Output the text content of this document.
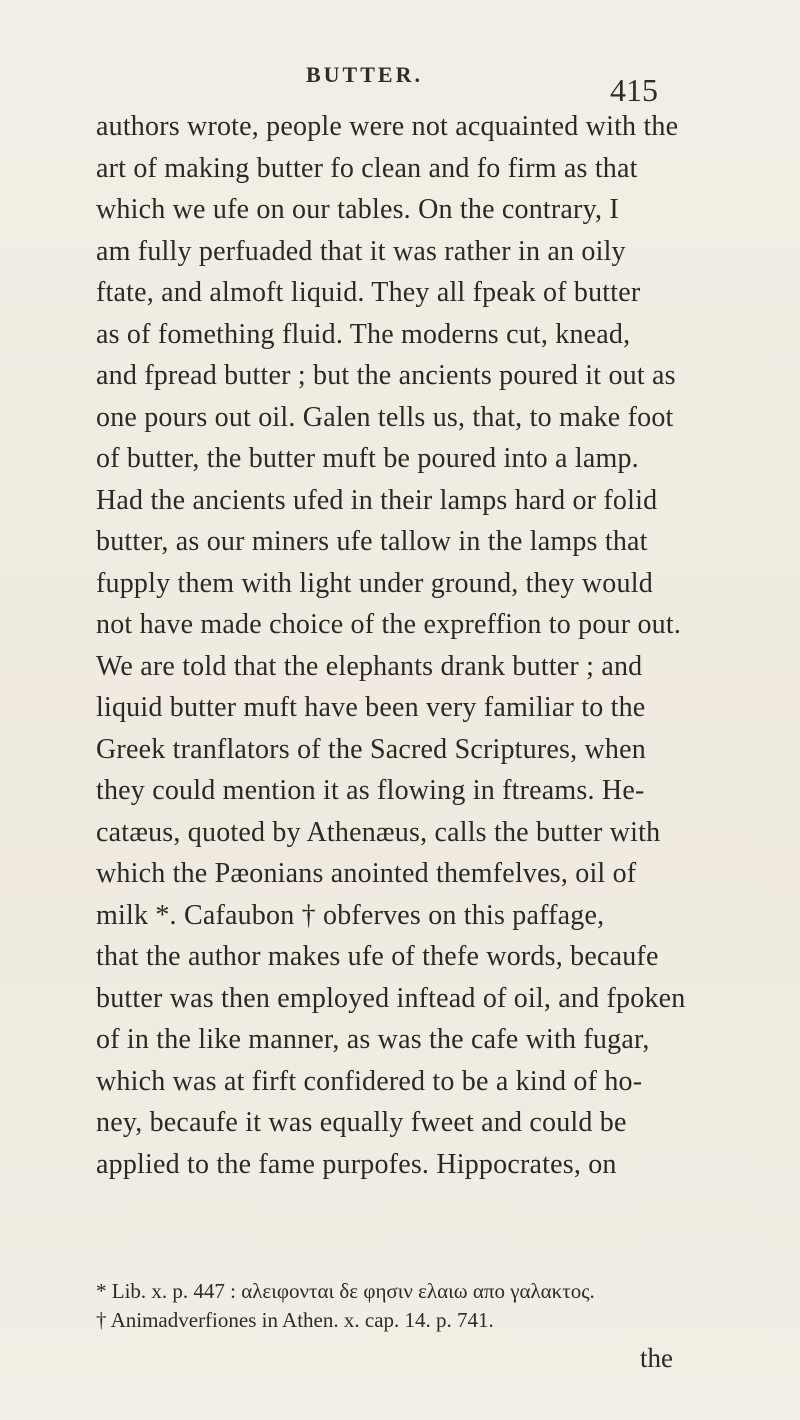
BUTTER.	415
authors wrote, people were not acquainted with the
art of making butter fo clean and fo firm as that
which we ufe on our tables. On the contrary, I
am fully perfuaded that it was rather in an oily
ftate, and almoft liquid. They all fpeak of butter
as of fomething fluid. The moderns cut, knead,
and fpread butter ; but the ancients poured it out as
one pours out oil. Galen tells us, that, to make foot
of butter, the butter muft be poured into a lamp.
Had the ancients ufed in their lamps hard or folid
butter, as our miners ufe tallow in the lamps that
fupply them with light under ground, they would
not have made choice of the expreffion to pour out.
We are told that the elephants drank butter ; and
liquid butter muft have been very familiar to the
Greek tranflators of the Sacred Scriptures, when
they could mention it as flowing in ftreams. He-
catæus, quoted by Athenæus, calls the butter with
which the Pæonians anointed themfelves, oil of
milk *. Cafaubon † obferves on this paffage,
that the author makes ufe of thefe words, becaufe
butter was then employed inftead of oil, and fpoken
of in the like manner, as was the cafe with fugar,
which was at firft confidered to be a kind of ho-
ney, becaufe it was equally fweet and could be
applied to the fame purpofes. Hippocrates, on
* Lib. x. p. 447 : αλειφονται δε φησιν ελαιω απο γαλακτος.
† Animadverfiones in Athen. x. cap. 14. p. 741.
the
